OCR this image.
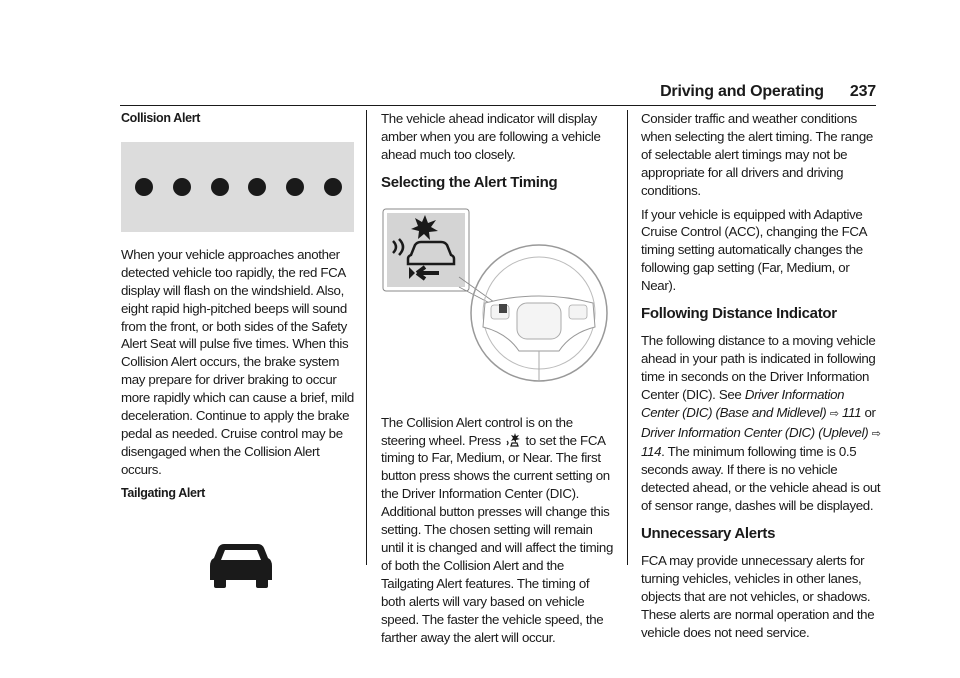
Driving and Operating 237
Collision Alert

When your vehicle approaches another detected vehicle too rapidly, the red FCA display will flash on the windshield. Also, eight rapid high-pitched beeps will sound from the front, or both sides of the Safety Alert Seat will pulse five times. When this Collision Alert occurs, the brake system may prepare for driver braking to occur more rapidly which can cause a brief, mild deceleration. Continue to apply the brake pedal as needed. Cruise control may be disengaged when the Collision Alert occurs.

Tailgating Alert

The vehicle ahead indicator will display amber when you are following a vehicle ahead much too closely.

Selecting the Alert Timing

The Collision Alert control is on the steering wheel. Press to set the FCA timing to Far, Medium, or Near. The first button press shows the current setting on the Driver Information Center (DIC). Additional button presses will change this setting. The chosen setting will remain until it is changed and will affect the timing of both the Collision Alert and the Tailgating Alert features. The timing of both alerts will vary based on vehicle speed. The faster the vehicle speed, the farther away the alert will occur.

Consider traffic and weather conditions when selecting the alert timing. The range of selectable alert timings may not be appropriate for all drivers and driving conditions.

If your vehicle is equipped with Adaptive Cruise Control (ACC), changing the FCA timing setting automatically changes the following gap setting (Far, Medium, or Near).

Following Distance Indicator

The following distance to a moving vehicle ahead in your path is indicated in following time in seconds on the Driver Information Center (DIC). See Driver Information Center (DIC) (Base and Midlevel) ⇨ 111 or Driver Information Center (DIC) (Uplevel) ⇨ 114. The minimum following time is 0.5 seconds away. If there is no vehicle detected ahead, or the vehicle ahead is out of sensor range, dashes will be displayed.

Unnecessary Alerts

FCA may provide unnecessary alerts for turning vehicles, vehicles in other lanes, objects that are not vehicles, or shadows. These alerts are normal operation and the vehicle does not need service.
